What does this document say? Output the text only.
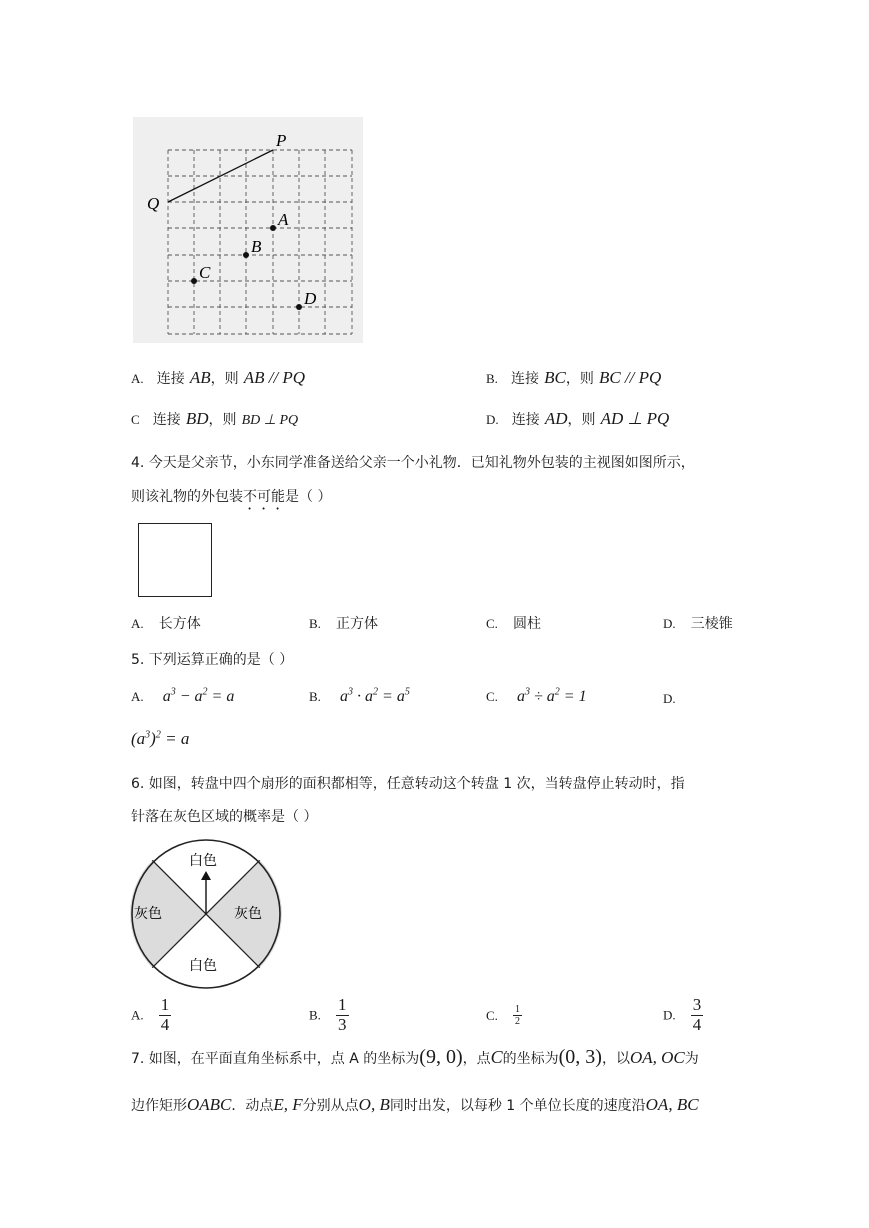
P
Q
A
B
C
D
A. 连接 AB，则 AB // PQ	B. 连接 BC，则 BC // PQ
C 连接 BD，则 BD ⊥ PQ	D. 连接 AD，则 AD ⊥ PQ
4. 今天是父亲节，小东同学准备送给父亲一个小礼物．已知礼物外包装的主视图如图所示，
则该礼物的外包装不可能是（ ）
A. 长方体	B. 正方体	C. 圆柱	D. 三棱锥
5. 下列运算正确的是（ ）
A. $a^3 - a^2 = a$	B. $a^3 \cdot a^2 = a^5$	C. $a^3 \div a^2 = 1$	D.
$(a^3)^2 = a$
6. 如图，转盘中四个扇形的面积都相等，任意转动这个转盘 1 次，当转盘停止转动时，指
针落在灰色区域的概率是（ ）
白色
白色
灰色	灰色
A. $\frac{1}{4}$	B. $\frac{1}{3}$	C. $\frac{1}{2}$	D. $\frac{3}{4}$
7. 如图，在平面直角坐标系中，点 A 的坐标为(9, 0)，点C的坐标为(0, 3)，以OA, OC为
边作矩形OABC．动点E, F分别从点O, B同时出发，以每秒 1 个单位长度的速度沿OA, BC
